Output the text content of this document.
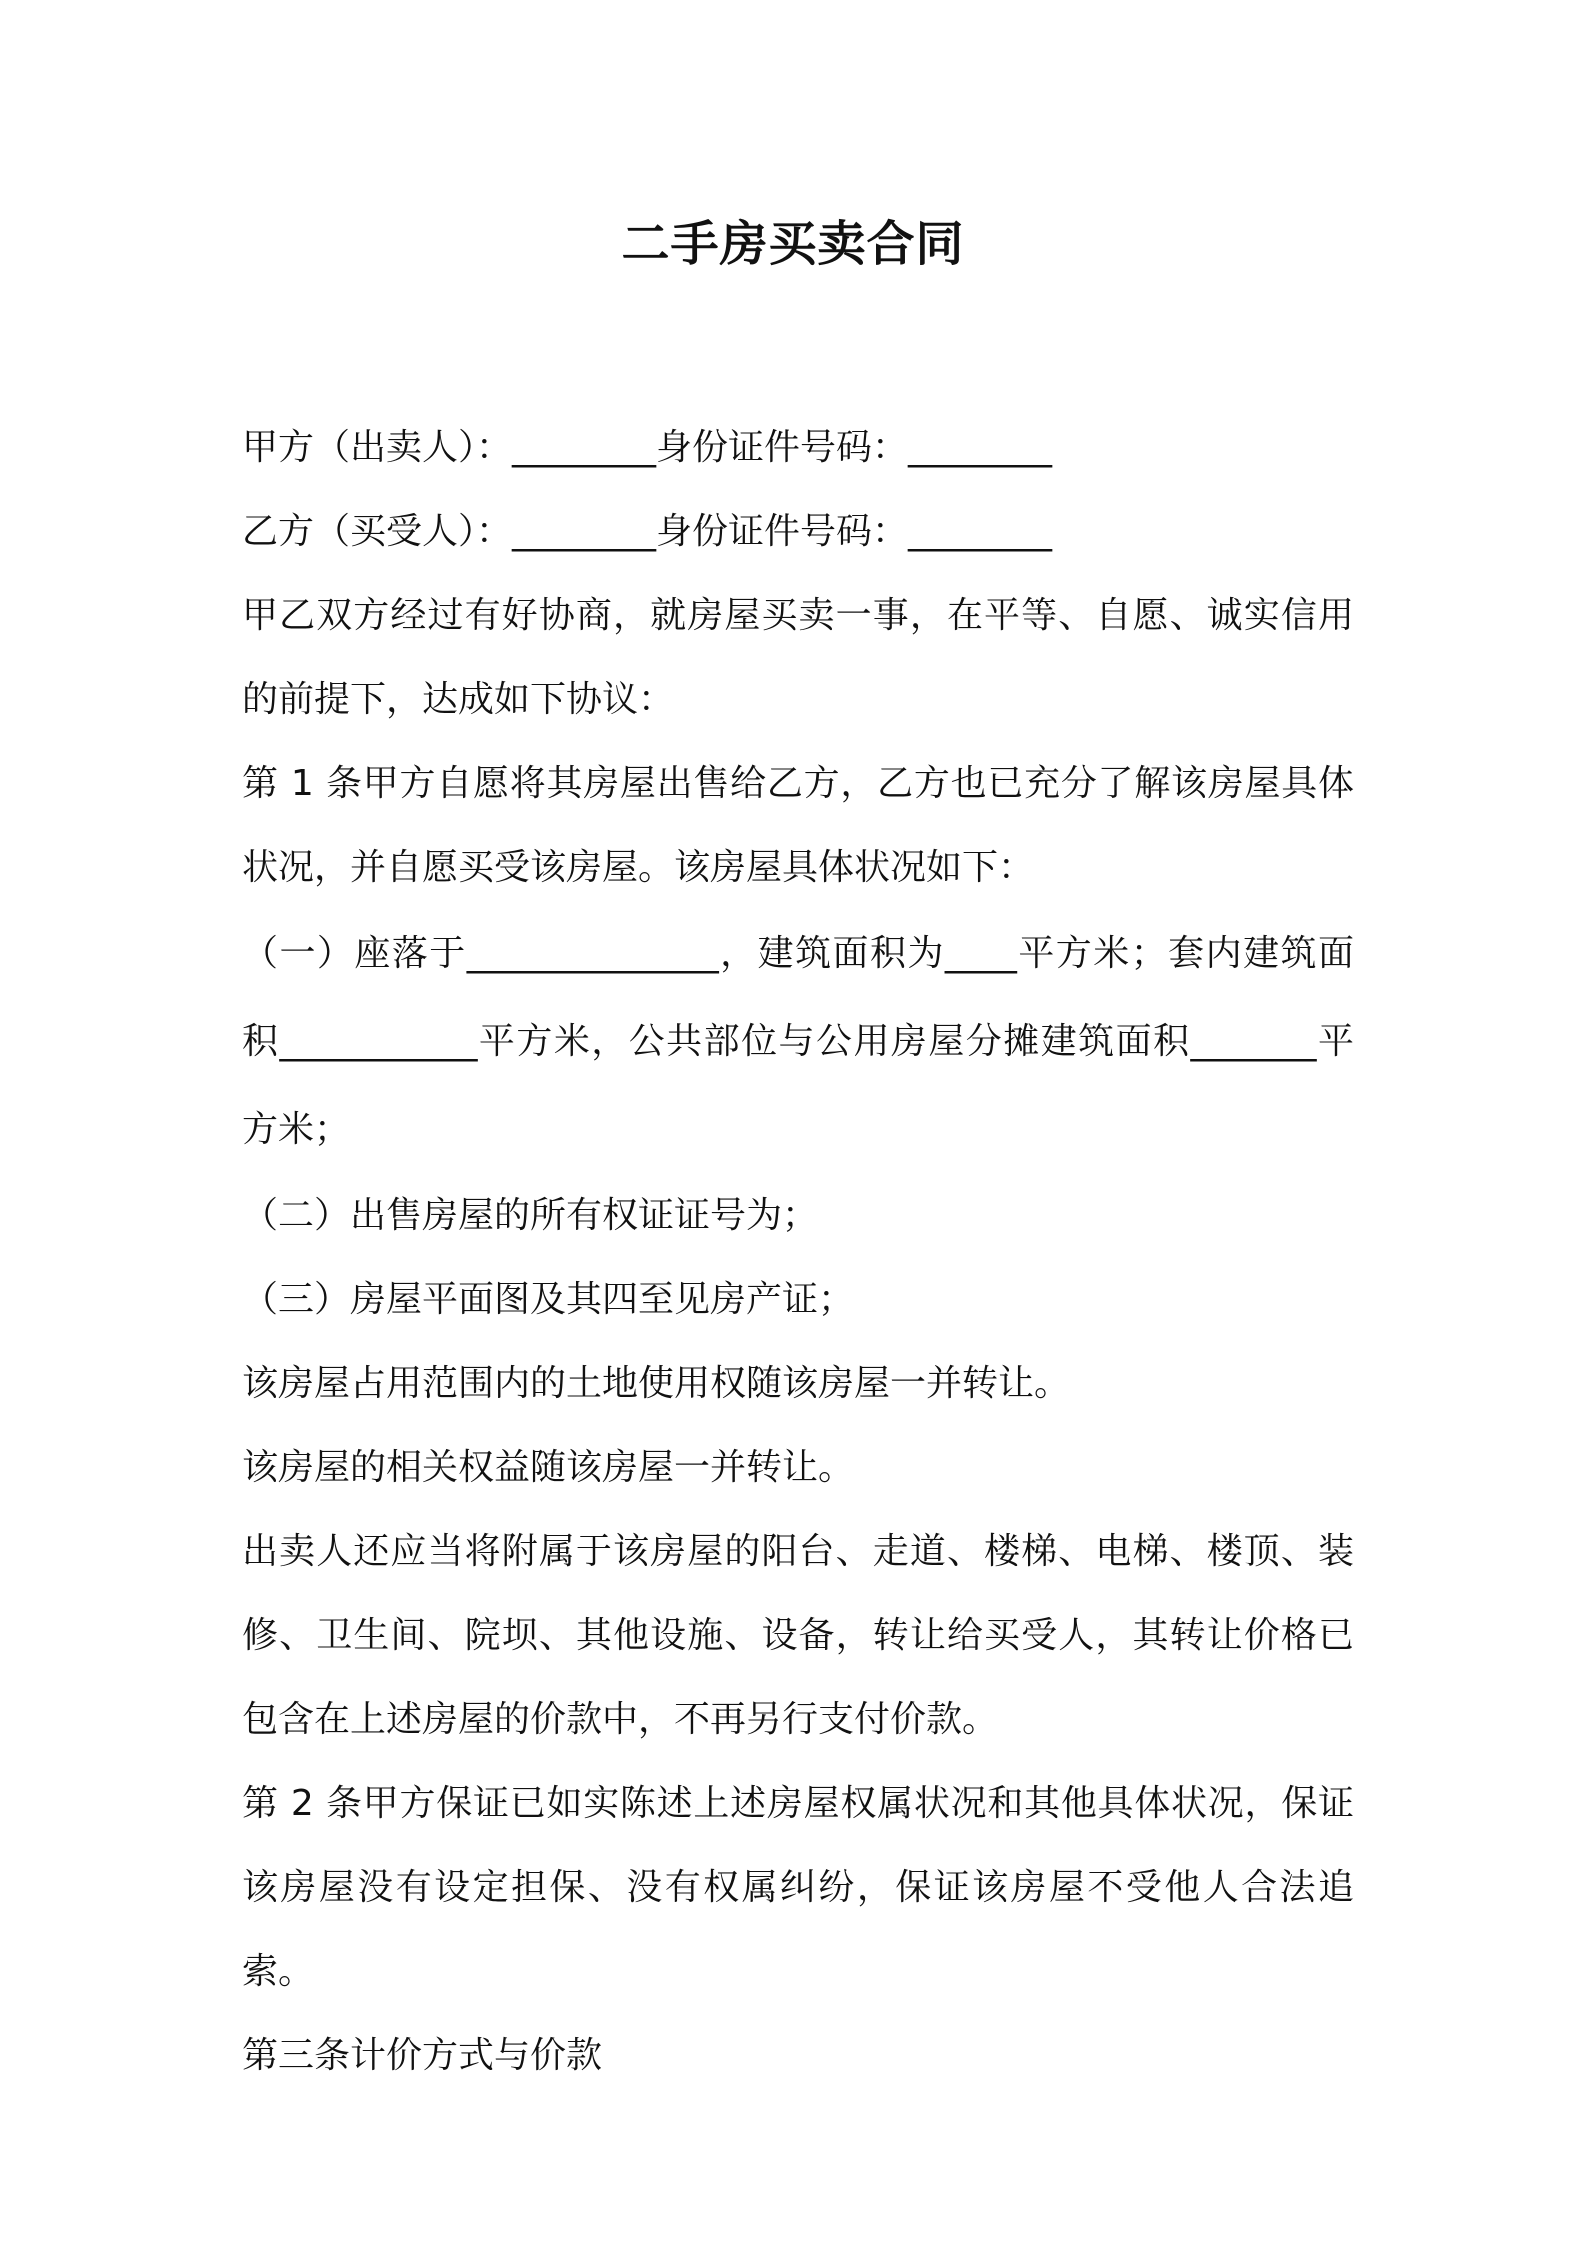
二手房买卖合同
甲方（出卖人）：________身份证件号码：________
乙方（买受人）：________身份证件号码：________
甲乙双方经过有好协商，就房屋买卖一事，在平等、自愿、诚实信用的前提下，达成如下协议：
第 1 条甲方自愿将其房屋出售给乙方，乙方也已充分了解该房屋具体状况，并自愿买受该房屋。该房屋具体状况如下：
（一）座落于______________，建筑面积为____平方米；套内建筑面积___________平方米，公共部位与公用房屋分摊建筑面积_______平方米；
（二）出售房屋的所有权证证号为；
（三）房屋平面图及其四至见房产证；
该房屋占用范围内的土地使用权随该房屋一并转让。
该房屋的相关权益随该房屋一并转让。
出卖人还应当将附属于该房屋的阳台、走道、楼梯、电梯、楼顶、装修、卫生间、院坝、其他设施、设备，转让给买受人，其转让价格已包含在上述房屋的价款中，不再另行支付价款。
第 2 条甲方保证已如实陈述上述房屋权属状况和其他具体状况，保证该房屋没有设定担保、没有权属纠纷，保证该房屋不受他人合法追索。
第三条计价方式与价款
